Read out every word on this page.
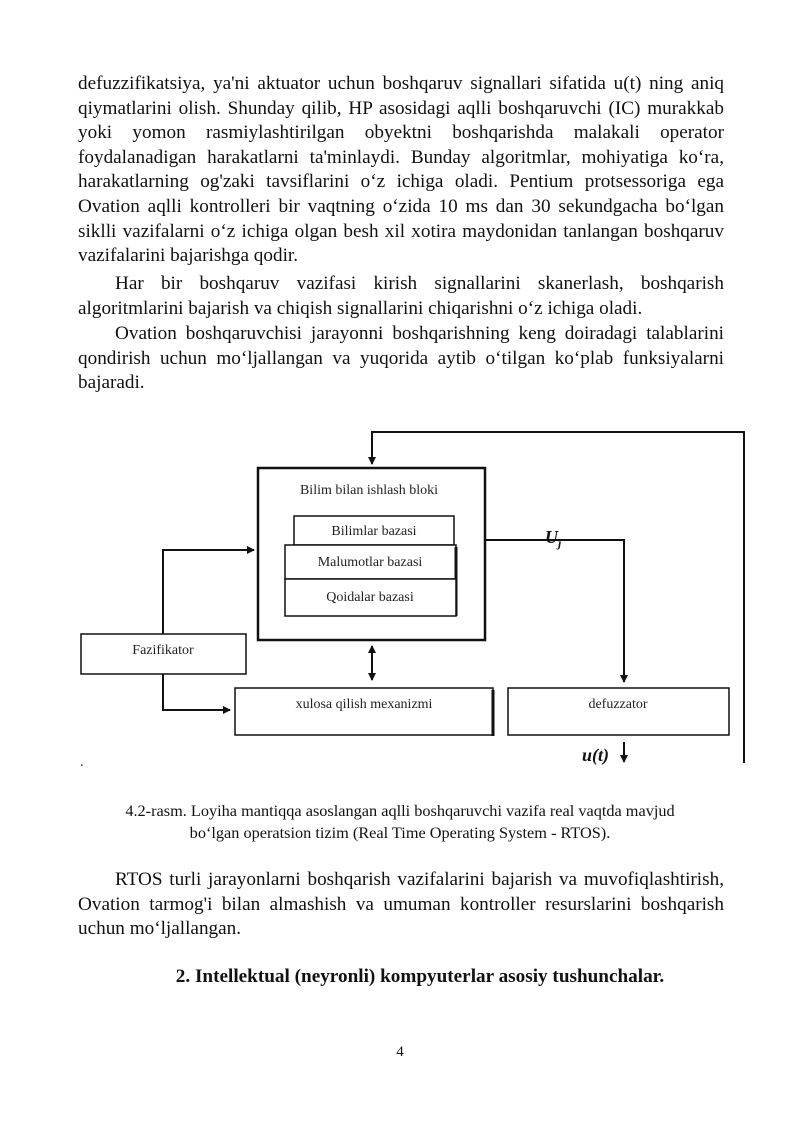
defuzzifikatsiya, ya'ni aktuator uchun boshqaruv signallari sifatida u(t) ning aniq qiymatlarini olish. Shunday qilib, HP asosidagi aqlli boshqaruvchi (IC) murakkab yoki yomon rasmiylashtirilgan obyektni boshqarishda malakali operator foydalanadigan harakatlarni ta'minlaydi. Bunday algoritmlar, mohiyatiga ko‘ra, harakatlarning og'zaki tavsiflarini o‘z ichiga oladi. Pentium protsessoriga ega Ovation aqlli kontrolleri bir vaqtning o‘zida 10 ms dan 30 sekundgacha bo‘lgan siklli vazifalarni o‘z ichiga olgan besh xil xotira maydonidan tanlangan boshqaruv vazifalarini bajarishga qodir.

Har bir boshqaruv vazifasi kirish signallarini skanerlash, boshqarish algoritmlarini bajarish va chiqish signallarini chiqarishni o‘z ichiga oladi.

Ovation boshqaruvchisi jarayonni boshqarishning keng doiradagi talablarini qondirish uchun mo‘ljallangan va yuqorida aytib o‘tilgan ko‘plab funksiyalarni bajaradi.

Bilim bilan ishlash bloki
Bilimlar bazasi
Malumotlar bazasi
Qoidalar bazasi
Fazifikator
xulosa qilish mexanizmi
$U_j$
defuzzator
u(t)
.
4.2-rasm. Loyiha mantiqqa asoslangan aqlli boshqaruvchi vazifa real vaqtda mavjud
bo‘lgan operatsion tizim (Real Time Operating System - RTOS).

RTOS turli jarayonlarni boshqarish vazifalarini bajarish va muvofiqlashtirish, Ovation tarmog'i bilan almashish va umuman kontroller resurslarini boshqarish uchun mo‘ljallangan.

2. Intellektual (neyronli) kompyuterlar asosiy tushunchalar.

4
